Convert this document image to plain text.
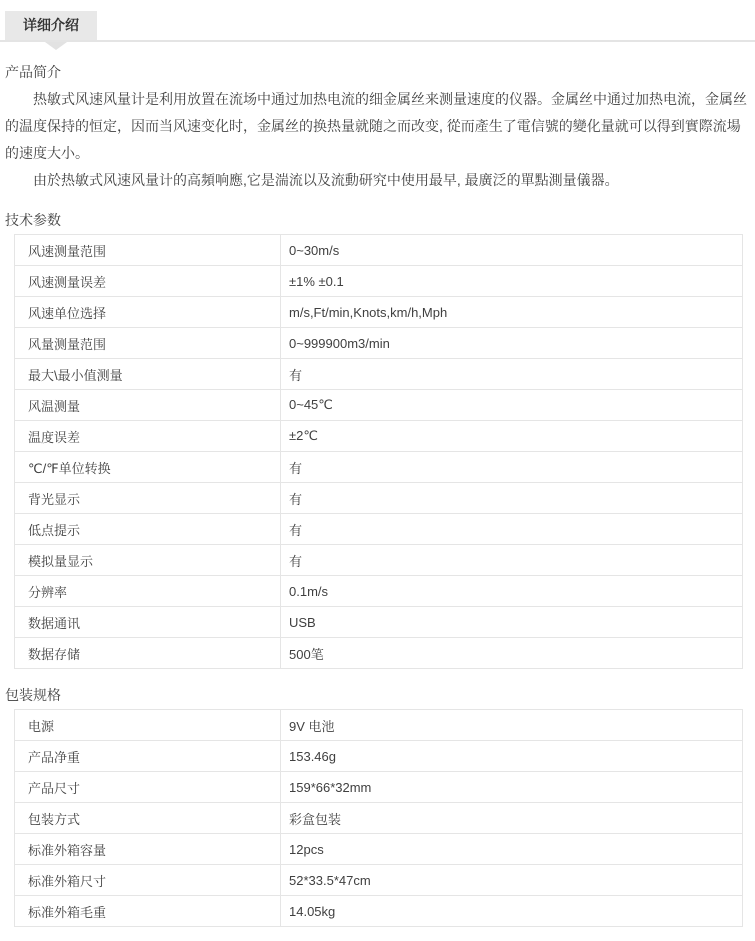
详细介绍
产品简介

热敏式风速风量计是利用放置在流场中通过加热电流的细金属丝来测量速度的仪器。金属丝中通过加热电流，金属丝的温度保持的恒定，因而当风速变化时，金属丝的换热量就随之而改变, 從而產生了電信號的變化量就可以得到實際流場的速度大小。

由於热敏式风速风量计的高頻响應,它是湍流以及流動研究中使用最早, 最廣泛的單點測量儀器。

技术参数
风速测量范围	0~30m/s
风速测量误差	±1% ±0.1
风速单位选择	m/s,Ft/min,Knots,km/h,Mph
风量测量范围	0~999900m3/min
最大\最小值测量	有
风温测量	0~45℃
温度误差	±2℃
℃/℉单位转换	有
背光显示	有
低点提示	有
模拟量显示	有
分辨率	0.1m/s
数据通讯	USB
数据存储	500笔
包装规格
电源	9V 电池
产品净重	153.46g
产品尺寸	159*66*32mm
包装方式	彩盒包装
标准外箱容量	12pcs
标准外箱尺寸	52*33.5*47cm
标准外箱毛重	14.05kg
